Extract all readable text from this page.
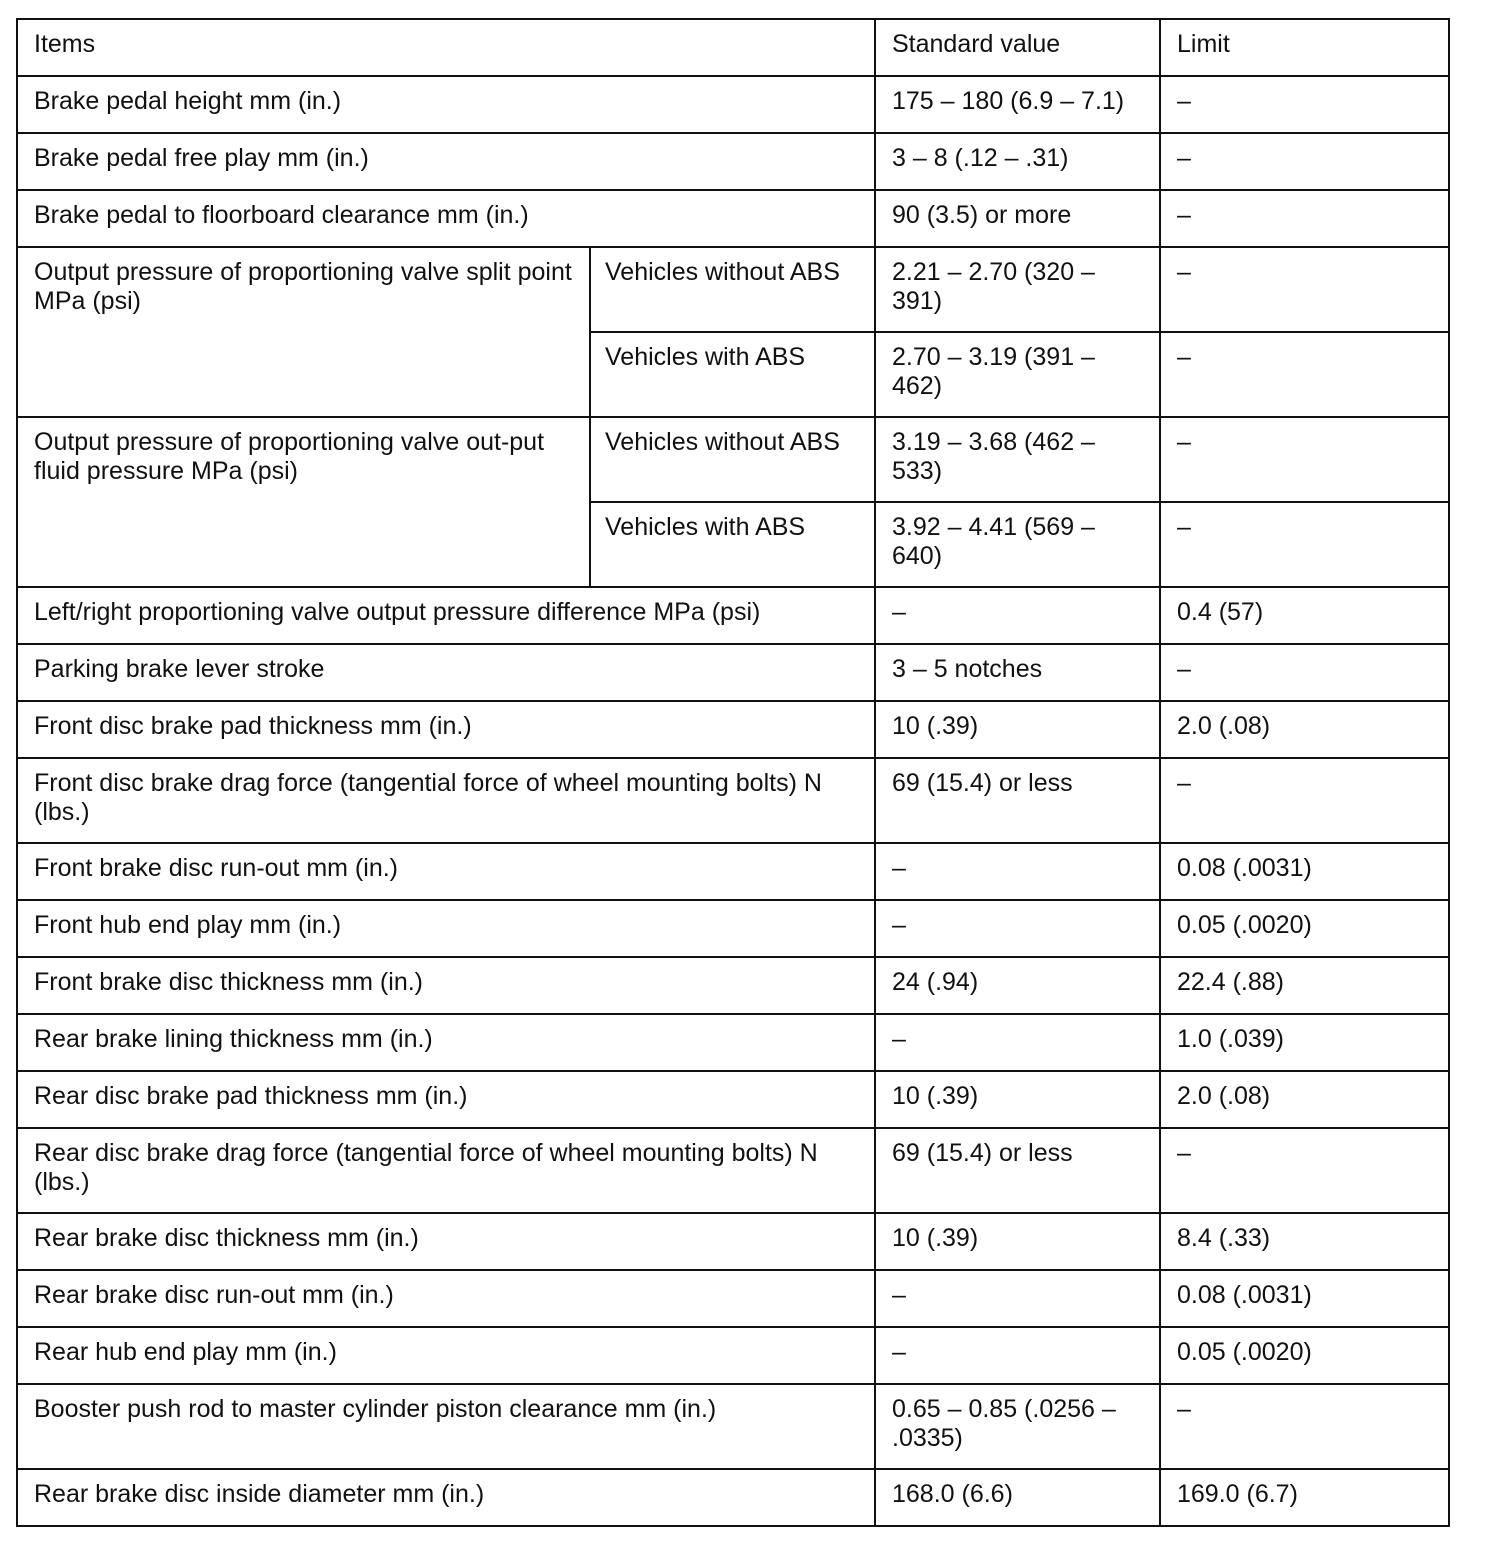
Items		Standard value	Limit
Brake pedal height mm (in.)		175 – 180 (6.9 – 7.1)	–
Brake pedal free play mm (in.)		3 – 8 (.12 – .31)	–
Brake pedal to floorboard clearance mm (in.)		90 (3.5) or more	–
Output pressure of proportioning valve split point MPa (psi)	Vehicles without ABS	2.21 – 2.70 (320 – 391)	–
	Vehicles with ABS	2.70 – 3.19 (391 – 462)	–
Output pressure of proportioning valve out-put fluid pressure MPa (psi)	Vehicles without ABS	3.19 – 3.68 (462 – 533)	–
	Vehicles with ABS	3.92 – 4.41 (569 – 640)	–
Left/right proportioning valve output pressure difference MPa (psi)		–	0.4 (57)
Parking brake lever stroke		3 – 5 notches	–
Front disc brake pad thickness mm (in.)		10 (.39)	2.0 (.08)
Front disc brake drag force (tangential force of wheel mounting bolts) N (lbs.)		69 (15.4) or less	–
Front brake disc run-out mm (in.)		–	0.08 (.0031)
Front hub end play mm (in.)		–	0.05 (.0020)
Front brake disc thickness mm (in.)		24 (.94)	22.4 (.88)
Rear brake lining thickness mm (in.)		–	1.0 (.039)
Rear disc brake pad thickness mm (in.)		10 (.39)	2.0 (.08)
Rear disc brake drag force (tangential force of wheel mounting bolts) N (lbs.)		69 (15.4) or less	–
Rear brake disc thickness mm (in.)		10 (.39)	8.4 (.33)
Rear brake disc run-out mm (in.)		–	0.08 (.0031)
Rear hub end play mm (in.)		–	0.05 (.0020)
Booster push rod to master cylinder piston clearance mm (in.)		0.65 – 0.85 (.0256 – .0335)	–
Rear brake disc inside diameter mm (in.)		168.0 (6.6)	169.0 (6.7)
